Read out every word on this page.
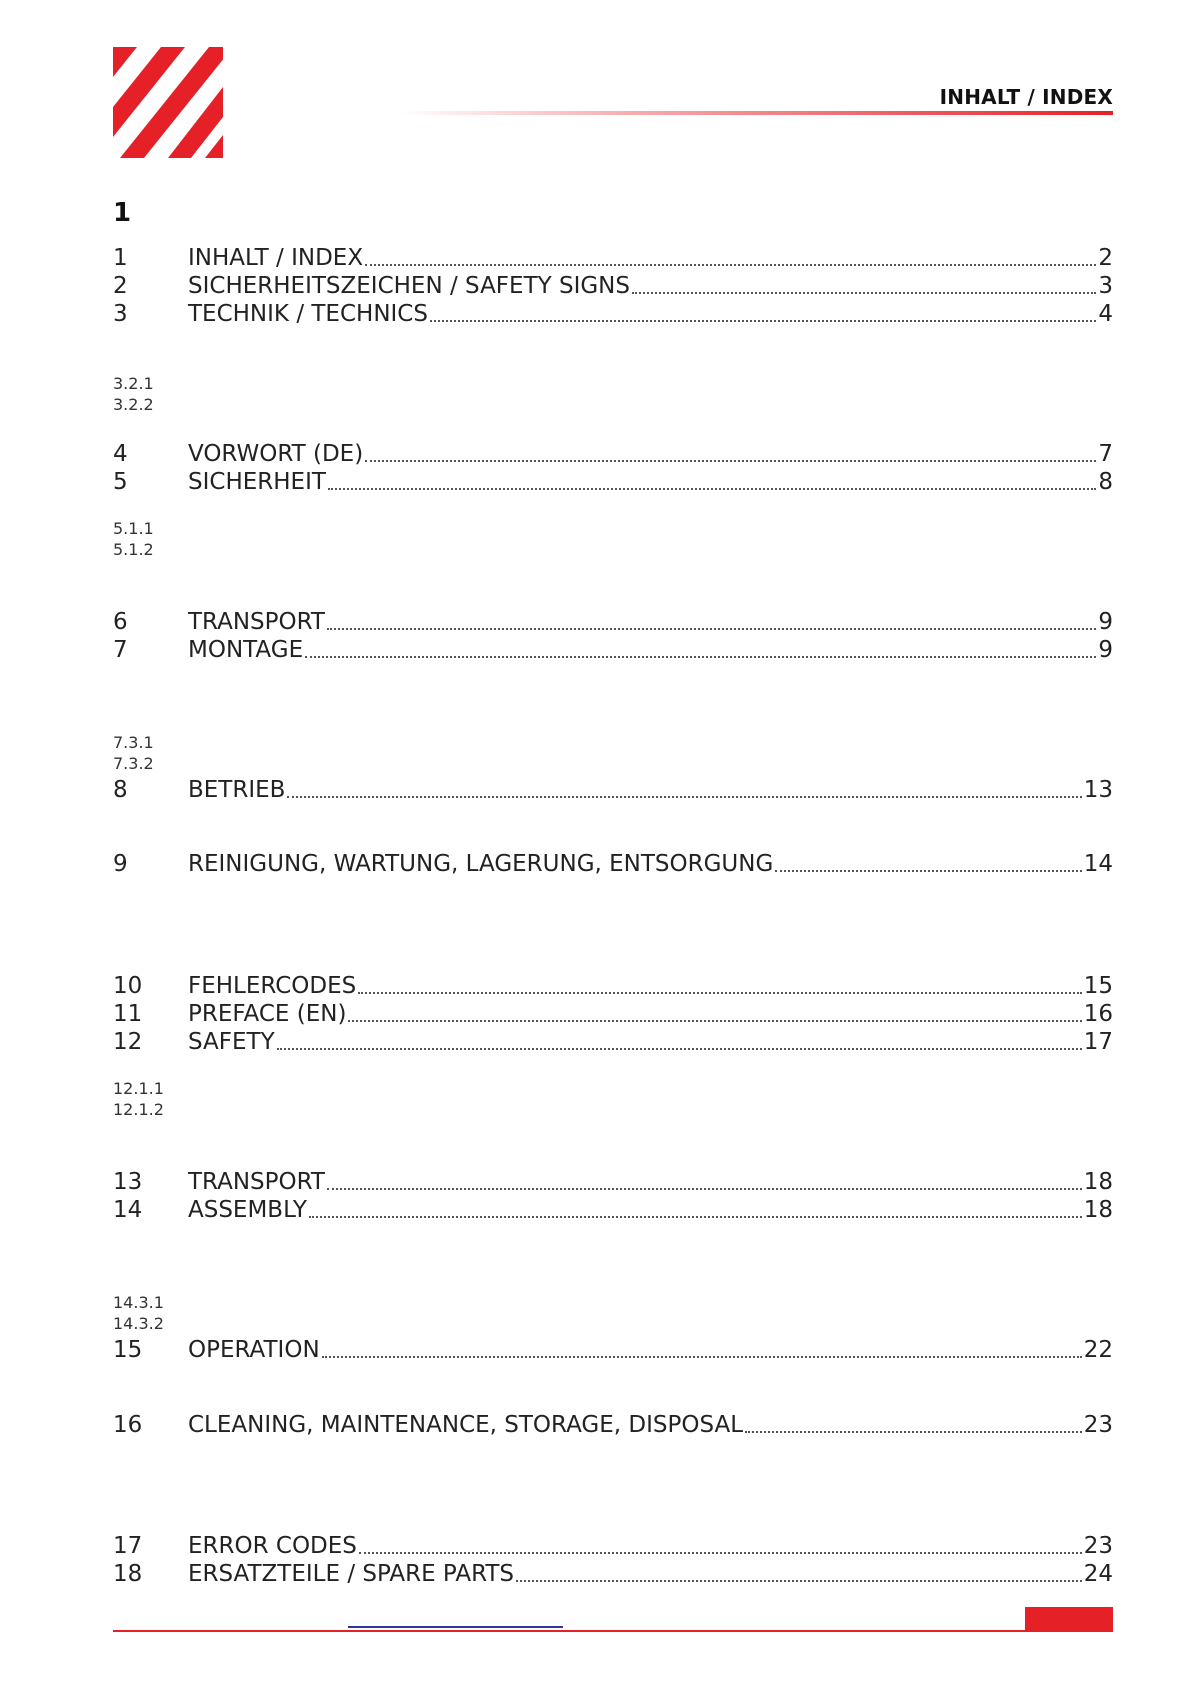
INHALT / INDEX
1
1	INHALT / INDEX	2
2	SICHERHEITSZEICHEN / SAFETY SIGNS	3
3	TECHNIK / TECHNICS	4
3.2.1
3.2.2
4	VORWORT (DE)	7
5	SICHERHEIT	8
5.1.1
5.1.2
6	TRANSPORT	9
7	MONTAGE	9
7.3.1
7.3.2
8	BETRIEB	13
9	REINIGUNG, WARTUNG, LAGERUNG, ENTSORGUNG	14
10	FEHLERCODES	15
11	PREFACE (EN)	16
12	SAFETY	17
12.1.1
12.1.2
13	TRANSPORT	18
14	ASSEMBLY	18
14.3.1
14.3.2
15	OPERATION	22
16	CLEANING, MAINTENANCE, STORAGE, DISPOSAL	23
17	ERROR CODES	23
18	ERSATZTEILE / SPARE PARTS	24
